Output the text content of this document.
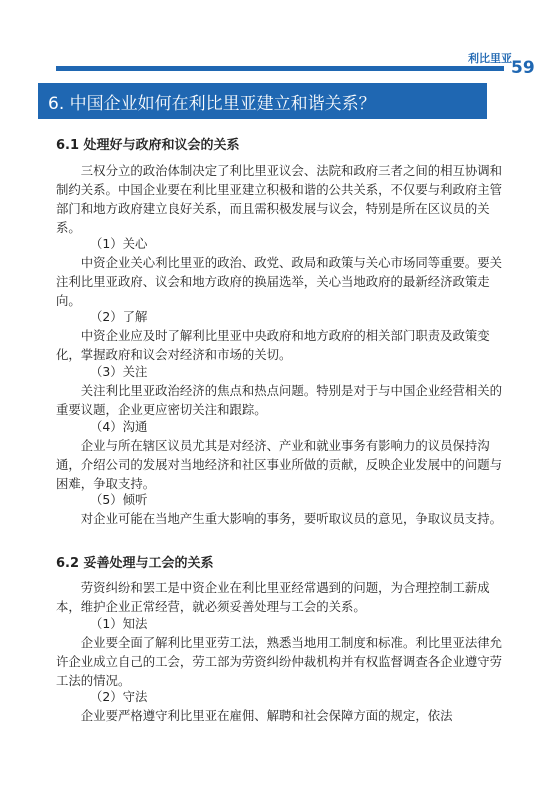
利比里亚 59
6. 中国企业如何在利比里亚建立和谐关系？
6.1 处理好与政府和议会的关系

三权分立的政治体制决定了利比里亚议会、法院和政府三者之间的相互协调和制约关系。中国企业要在利比里亚建立积极和谐的公共关系，不仅要与利政府主管部门和地方政府建立良好关系，而且需积极发展与议会，特别是所在区议员的关系。

（1）关心

中资企业关心利比里亚的政治、政党、政局和政策与关心市场同等重要。要关注利比里亚政府、议会和地方政府的换届选举，关心当地政府的最新经济政策走向。

（2）了解

中资企业应及时了解利比里亚中央政府和地方政府的相关部门职责及政策变化，掌握政府和议会对经济和市场的关切。

（3）关注

关注利比里亚政治经济的焦点和热点问题。特别是对于与中国企业经营相关的重要议题，企业更应密切关注和跟踪。

（4）沟通

企业与所在辖区议员尤其是对经济、产业和就业事务有影响力的议员保持沟通，介绍公司的发展对当地经济和社区事业所做的贡献，反映企业发展中的问题与困难，争取支持。

（5）倾听

对企业可能在当地产生重大影响的事务，要听取议员的意见，争取议员支持。

6.2 妥善处理与工会的关系

劳资纠纷和罢工是中资企业在利比里亚经常遇到的问题，为合理控制工薪成本，维护企业正常经营，就必须妥善处理与工会的关系。

（1）知法

企业要全面了解利比里亚劳工法，熟悉当地用工制度和标准。利比里亚法律允许企业成立自己的工会，劳工部为劳资纠纷仲裁机构并有权监督调查各企业遵守劳工法的情况。

（2）守法

企业要严格遵守利比里亚在雇佣、解聘和社会保障方面的规定，依法
